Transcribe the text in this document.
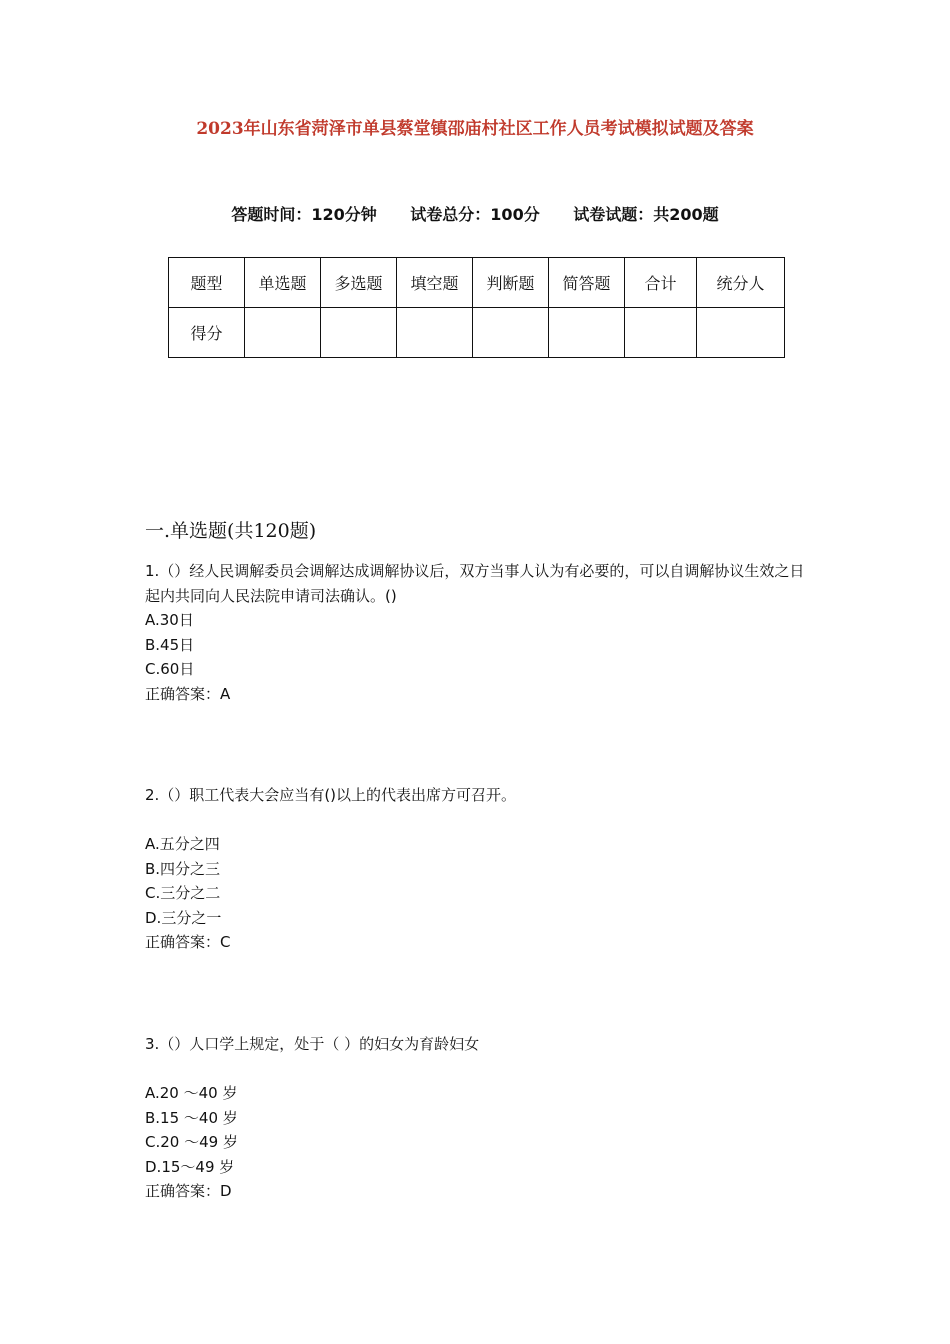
2023年山东省菏泽市单县蔡堂镇邵庙村社区工作人员考试模拟试题及答案
答题时间：120分钟 试卷总分：100分 试卷试题：共200题
题型	单选题	多选题	填空题	判断题	简答题	合计	统分人
得分							
一.单选题(共120题)

1.（）经人民调解委员会调解达成调解协议后，双方当事人认为有必要的，可以自调解协议生效之日起内共同向人民法院申请司法确认。()

A.30日

B.45日

C.60日

正确答案：A

2.（）职工代表大会应当有()以上的代表出席方可召开。

A.五分之四

B.四分之三

C.三分之二

D.三分之一

正确答案：C

3.（）人口学上规定，处于（ ）的妇女为育龄妇女

A.20 ～40 岁

B.15 ～40 岁

C.20 ～49 岁

D.15～49 岁

正确答案：D
